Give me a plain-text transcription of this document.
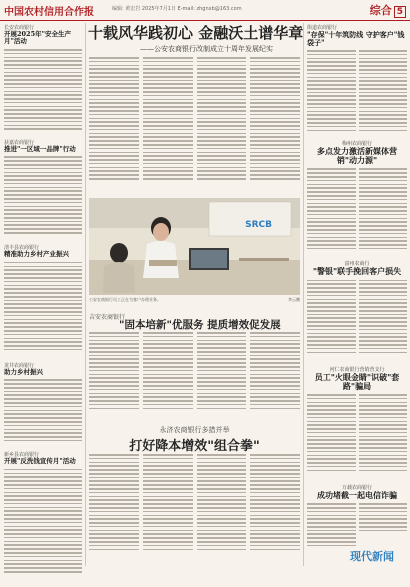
中国农村信用合作报	编辑: 黄宏岩 2025年7月1日 E-mail: zhgnxb@163.com	综合 5
长安农商银行
开展2025年"安全生产月"活动
获嘉农商银行
推进"一区域一品牌"行动
清丰县农商银行
精准助力乡村产业振兴
龙井农商银行
助力乡村振兴
新乡县农商银行
开展"反洗钱宣传月"活动
十载风华践初心 金融沃土谱华章
——公安农商银行改制成立十周年发展纪实
SRCB
公安农商银行员工正在为客户办理业务。	李云鹏
吉安农商银行
"固本培新"优服务 提质增效促发展
永济农商银行多措并举
打好降本增效"组合拳"
街道农商银行
"存保"十年筑防线 守护客户"钱袋子"
梅州农商银行
多点发力激活新媒体营销"动力源"
富州农商行
"警银"联手挽回客户损失
河仁农商银行营销营支行
员工"火眼金睛"识破"套路"骗局
万载农商银行
成功堵截一起电信诈骗
现代新闻
